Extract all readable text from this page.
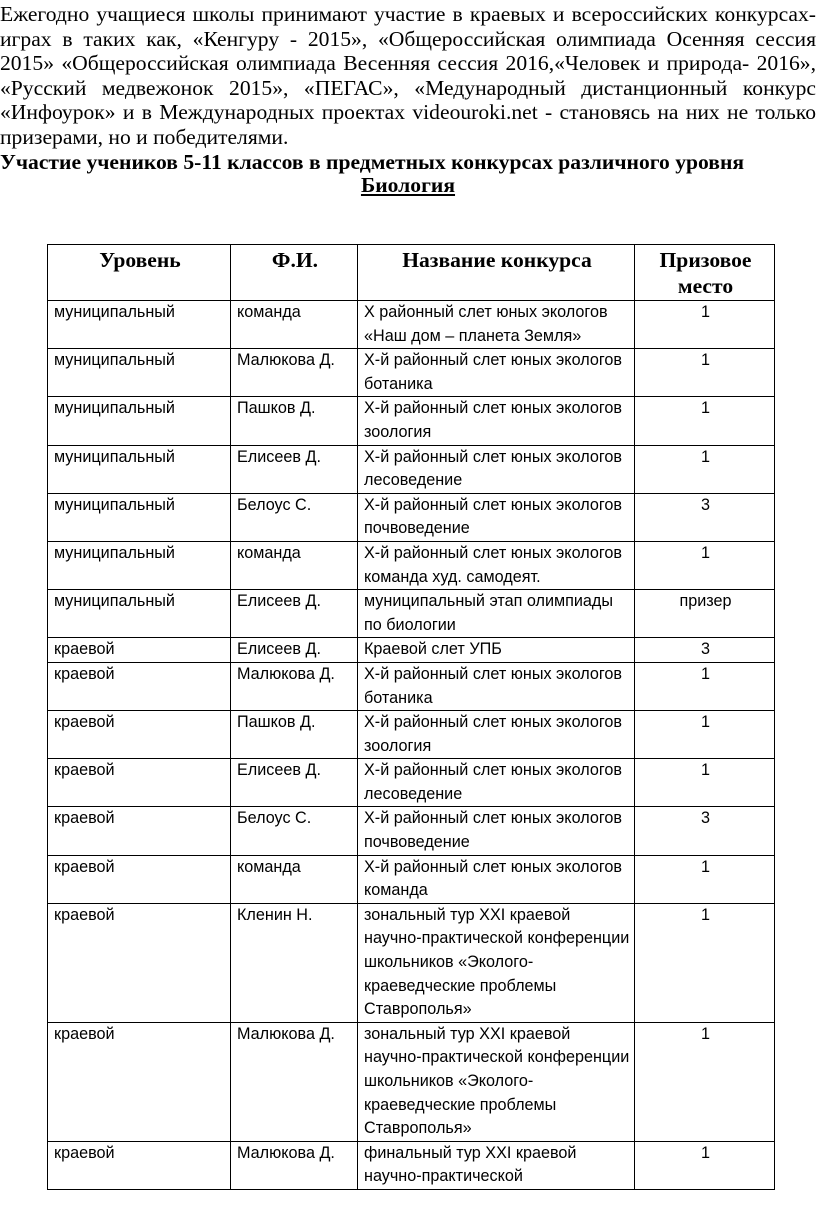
Ежегодно учащиеся школы принимают участие в краевых и всероссийских конкурсах-играх в таких как, «Кенгуру - 2015», «Общероссийская олимпиада Осенняя сессия 2015» «Общероссийская олимпиада Весенняя сессия 2016,«Человек и природа- 2016», «Русский медвежонок 2015», «ПЕГАС», «Медународный дистанционный конкурс «Инфоурок» и в Международных проектах videouroki.net - становясь на них не только призерами, но и победителями.

Участие учеников 5-11 классов в предметных конкурсах различного уровня

Биология

Уровень	Ф.И.	Название конкурса	Призовое место
муниципальный	команда	X районный слет юных экологов «Наш дом – планета Земля»	1
муниципальный	Малюкова Д.	X-й районный слет юных экологов ботаника	1
муниципальный	Пашков Д.	X-й районный слет юных экологов зоология	1
муниципальный	Елисеев Д.	X-й районный слет юных экологов лесоведение	1
муниципальный	Белоус С.	X-й районный слет юных экологов почвоведение	3
муниципальный	команда	X-й районный слет юных экологов команда худ. самодеят.	1
муниципальный	Елисеев Д.	муниципальный этап олимпиады по биологии	призер
краевой	Елисеев Д.	Краевой слет УПБ	3
краевой	Малюкова Д.	X-й районный слет юных экологов ботаника	1
краевой	Пашков Д.	X-й районный слет юных экологов зоология	1
краевой	Елисеев Д.	X-й районный слет юных экологов лесоведение	1
краевой	Белоус С.	X-й районный слет юных экологов почвоведение	3
краевой	команда	X-й районный слет юных экологов команда	1
краевой	Кленин Н.	зональный тур XXI краевой научно-практической конференции школьников «Эколого-краеведческие проблемы Ставрополья»	1
краевой	Малюкова Д.	зональный тур XXI краевой научно-практической конференции школьников «Эколого-краеведческие проблемы Ставрополья»	1
краевой	Малюкова Д.	финальный тур XXI краевой научно-практической	1
